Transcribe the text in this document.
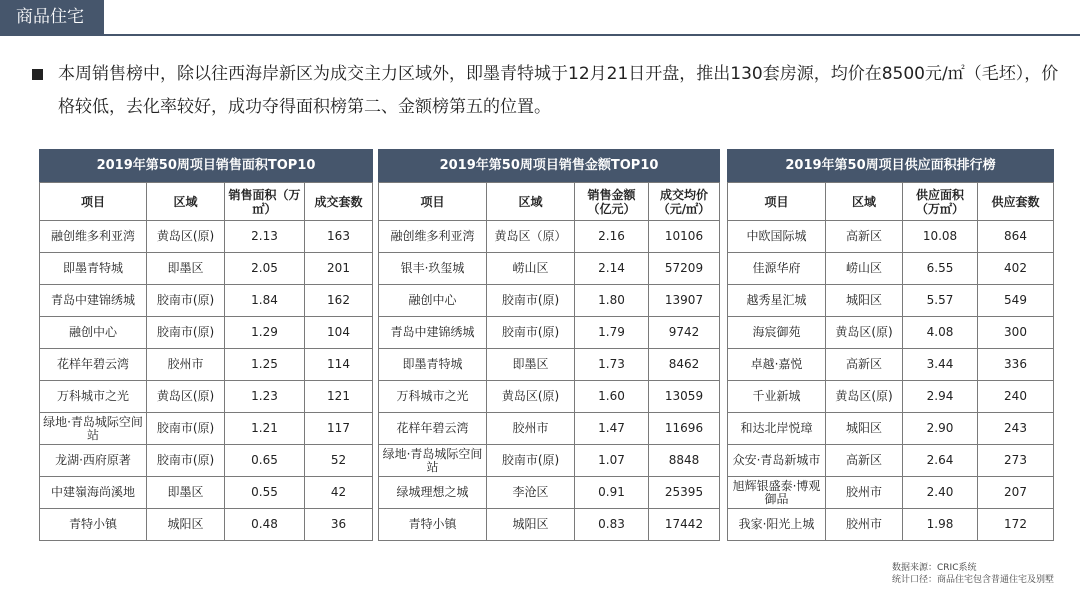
商品住宅
本周销售榜中，除以往西海岸新区为成交主力区域外，即墨青特城于12月21日开盘，推出130套房源，均价在8500元/㎡（毛坯），价格较低，去化率较好，成功夺得面积榜第二、金额榜第五的位置。
2019年第50周项目销售面积TOP10
项目	区域	销售面积（万㎡）	成交套数
融创维多利亚湾	黄岛区(原)	2.13	163
即墨青特城	即墨区	2.05	201
青岛中建锦绣城	胶南市(原)	1.84	162
融创中心	胶南市(原)	1.29	104
花样年碧云湾	胶州市	1.25	114
万科城市之光	黄岛区(原)	1.23	121
绿地·青岛城际空间站	胶南市(原)	1.21	117
龙湖·西府原著	胶南市(原)	0.65	52
中建嶺海尚溪地	即墨区	0.55	42
青特小镇	城阳区	0.48	36
2019年第50周项目销售金额TOP10
项目	区域	销售金额（亿元）	成交均价（元/㎡）
融创维多利亚湾	黄岛区（原）	2.16	10106
银丰·玖玺城	崂山区	2.14	57209
融创中心	胶南市(原)	1.80	13907
青岛中建锦绣城	胶南市(原)	1.79	9742
即墨青特城	即墨区	1.73	8462
万科城市之光	黄岛区(原)	1.60	13059
花样年碧云湾	胶州市	1.47	11696
绿地·青岛城际空间站	胶南市(原)	1.07	8848
绿城理想之城	李沧区	0.91	25395
青特小镇	城阳区	0.83	17442
2019年第50周项目供应面积排行榜
项目	区域	供应面积（万㎡）	供应套数
中欧国际城	高新区	10.08	864
佳源华府	崂山区	6.55	402
越秀星汇城	城阳区	5.57	549
海宸御苑	黄岛区(原)	4.08	300
卓越·嘉悦	高新区	3.44	336
千业新城	黄岛区(原)	2.94	240
和达北岸悦璋	城阳区	2.90	243
众安·青岛新城市	高新区	2.64	273
旭辉银盛泰·博观御品	胶州市	2.40	207
我家·阳光上城	胶州市	1.98	172
数据来源：CRIC系统
统计口径：商品住宅包含普通住宅及别墅
